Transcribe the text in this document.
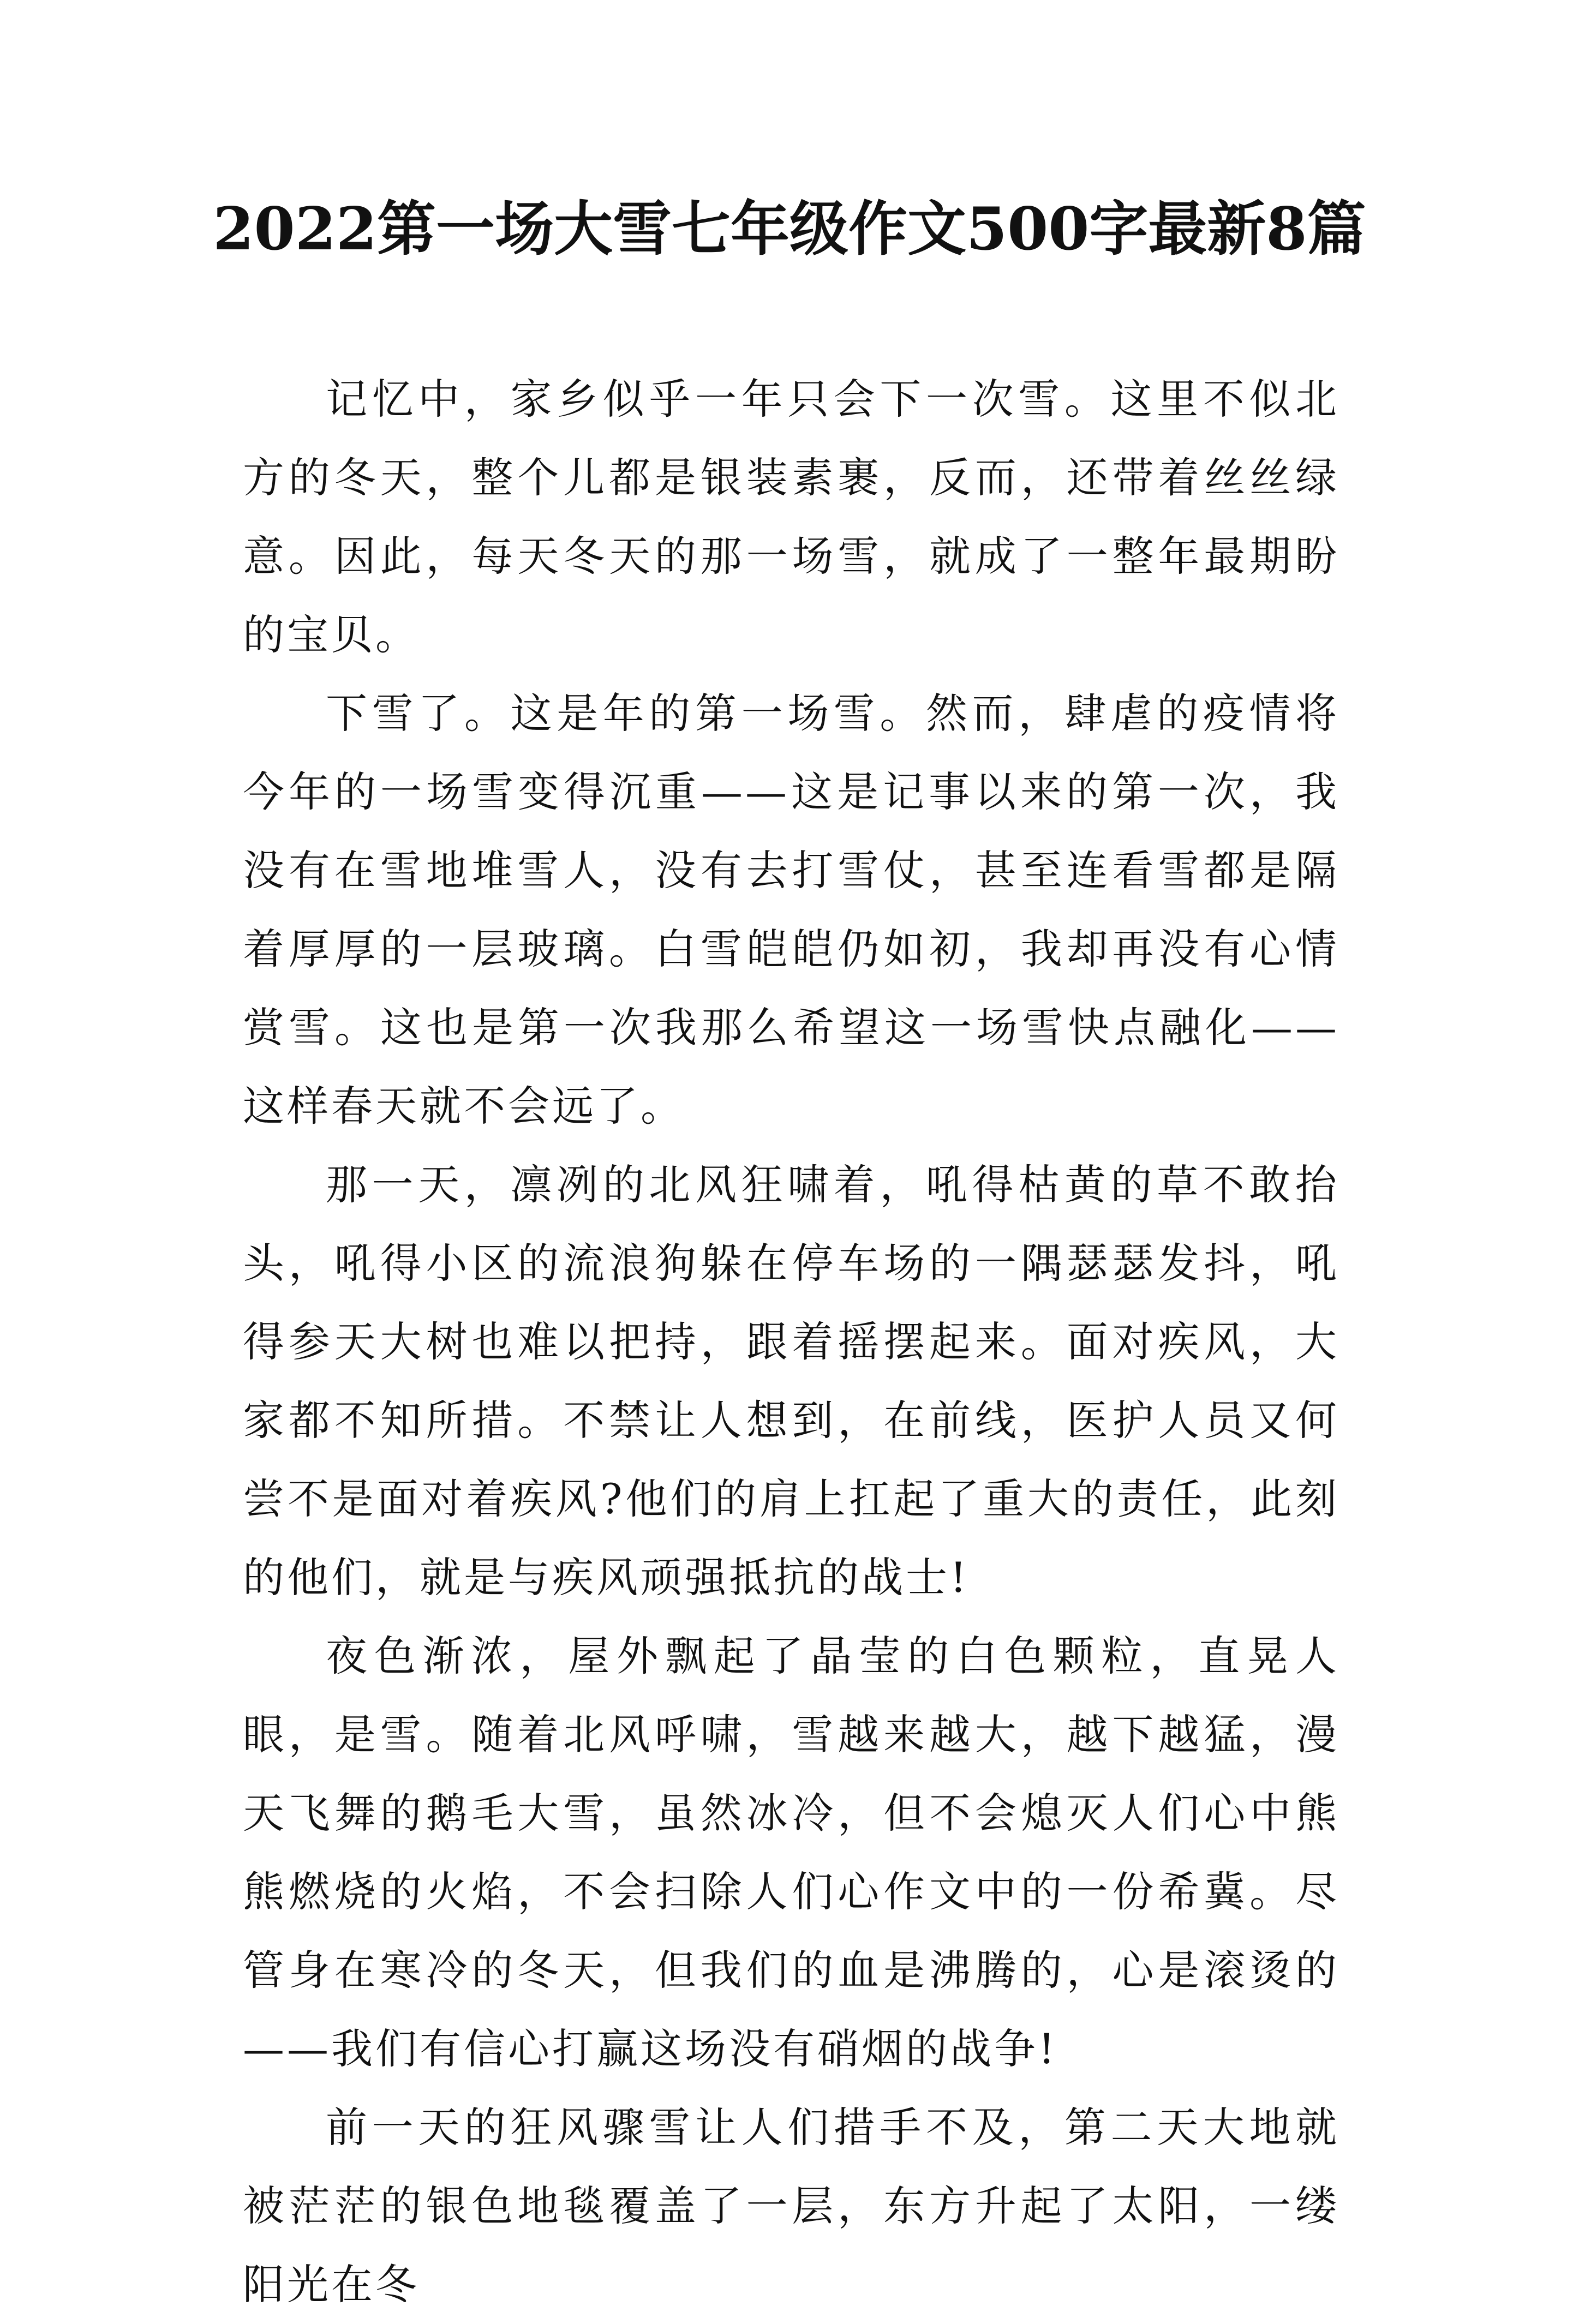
2022第一场大雪七年级作文500字最新8篇

记忆中，家乡似乎一年只会下一次雪。这里不似北方的冬天，整个儿都是银装素裹，反而，还带着丝丝绿意。因此，每天冬天的那一场雪，就成了一整年最期盼的宝贝。

下雪了。这是年的第一场雪。然而，肆虐的疫情将今年的一场雪变得沉重——这是记事以来的第一次，我没有在雪地堆雪人，没有去打雪仗，甚至连看雪都是隔着厚厚的一层玻璃。白雪皑皑仍如初，我却再没有心情赏雪。这也是第一次我那么希望这一场雪快点融化——这样春天就不会远了。

那一天，凛冽的北风狂啸着，吼得枯黄的草不敢抬头，吼得小区的流浪狗躲在停车场的一隅瑟瑟发抖，吼得参天大树也难以把持，跟着摇摆起来。面对疾风，大家都不知所措。不禁让人想到，在前线，医护人员又何尝不是面对着疾风?他们的肩上扛起了重大的责任，此刻的他们，就是与疾风顽强抵抗的战士!

夜色渐浓，屋外飘起了晶莹的白色颗粒，直晃人眼，是雪。随着北风呼啸，雪越来越大，越下越猛，漫天飞舞的鹅毛大雪，虽然冰冷，但不会熄灭人们心中熊熊燃烧的火焰，不会扫除人们心作文中的一份希冀。尽管身在寒冷的冬天，但我们的血是沸腾的，心是滚烫的——我们有信心打赢这场没有硝烟的战争!

前一天的狂风骤雪让人们措手不及，第二天大地就被茫茫的银色地毯覆盖了一层，东方升起了太阳，一缕阳光在冬
